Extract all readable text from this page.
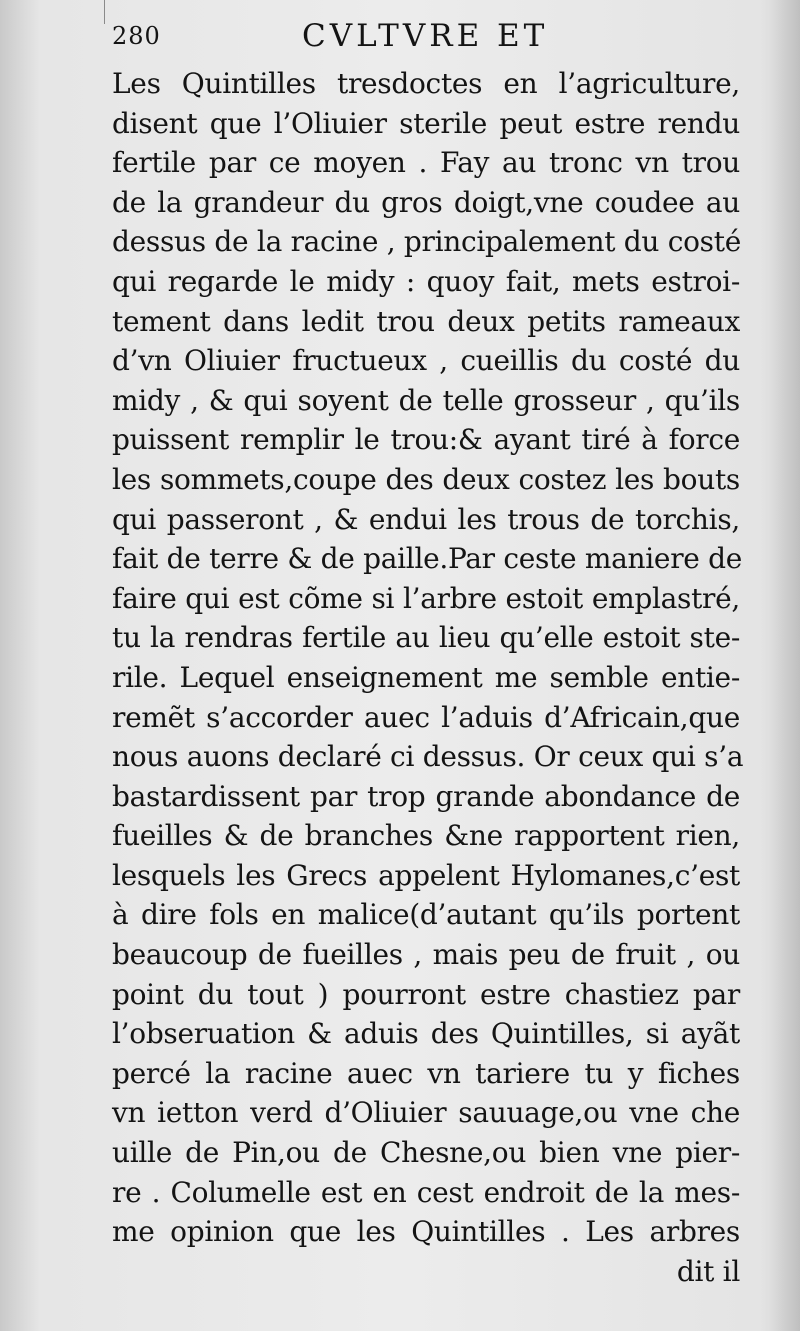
280	CVLTVRE ET
Les Quintilles tresdoctes en l’agriculture,
disent que l’Oliuier sterile peut estre rendu
fertile par ce moyen . Fay au tronc vn trou
de la grandeur du gros doigt,vne coudee au
dessus de la racine , principalement du costé
qui regarde le midy : quoy fait, mets estroi-
tement dans ledit trou deux petits rameaux
d’vn Oliuier fructueux , cueillis du costé du
midy , & qui soyent de telle grosseur , qu’ils
puissent remplir le trou:& ayant tiré à force
les sommets,coupe des deux costez les bouts
qui passeront , & endui les trous de torchis,
fait de terre & de paille.Par ceste maniere de
faire qui est cõme si l’arbre estoit emplastré,
tu la rendras fertile au lieu qu’elle estoit ste-
rile. Lequel enseignement me semble entie-
remẽt s’accorder auec l’aduis d’Africain,que
nous auons declaré ci dessus. Or ceux qui s’a
bastardissent par trop grande abondance de
fueilles & de branches &ne rapportent rien,
lesquels les Grecs appelent Hylomanes,c’est
à dire fols en malice(d’autant qu’ils portent
beaucoup de fueilles , mais peu de fruit , ou
point du tout ) pourront estre chastiez par
l’obseruation & aduis des Quintilles, si ayãt
percé la racine auec vn tariere tu y fiches
vn ietton verd d’Oliuier sauuage,ou vne che
uille de Pin,ou de Chesne,ou bien vne pier-
re . Columelle est en cest endroit de la mes-
me opinion que les Quintilles . Les arbres
dit il
